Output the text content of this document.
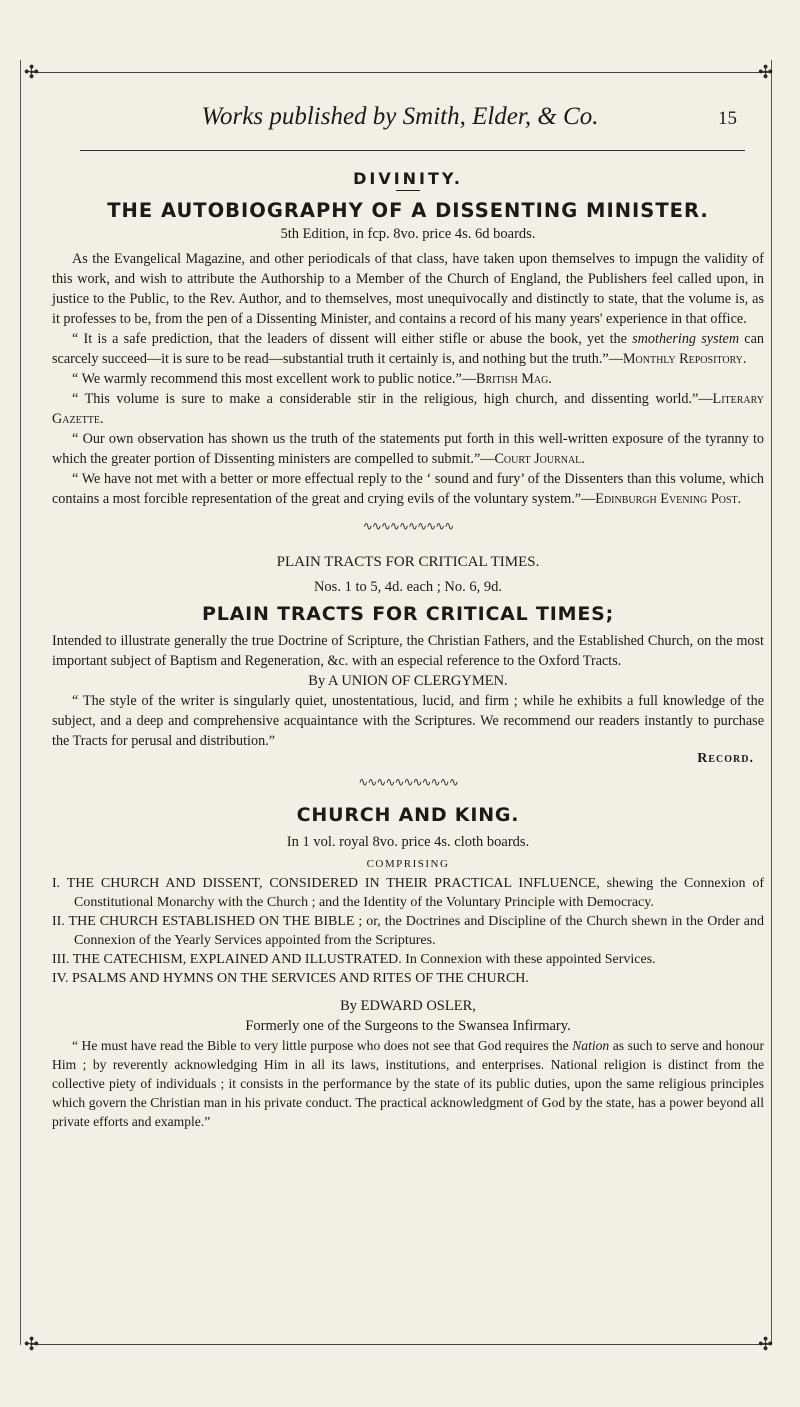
✣	✣
✣	✣
Works published by Smith, Elder, & Co.	15
DIVINITY.
THE AUTOBIOGRAPHY OF A DISSENTING MINISTER.
5th Edition, in fcp. 8vo. price 4s. 6d boards.

As the Evangelical Magazine, and other periodicals of that class, have taken upon themselves to impugn the validity of this work, and wish to attribute the Authorship to a Member of the Church of England, the Publishers feel called upon, in justice to the Public, to the Rev. Author, and to themselves, most unequivocally and distinctly to state, that the volume is, as it professes to be, from the pen of a Dissenting Minister, and contains a record of his many years' experience in that office.

“ It is a safe prediction, that the leaders of dissent will either stifle or abuse the book, yet the smothering system can scarcely succeed—it is sure to be read—substantial truth it certainly is, and nothing but the truth.”—Monthly Repository.

“ We warmly recommend this most excellent work to public notice.”—British Mag.

“ This volume is sure to make a considerable stir in the religious, high church, and dissenting world.”—Literary Gazette.

“ Our own observation has shown us the truth of the statements put forth in this well-written exposure of the tyranny to which the greater portion of Dissenting ministers are compelled to submit.”—Court Journal.

“ We have not met with a better or more effectual reply to the ‘ sound and fury’ of the Dissenters than this volume, which contains a most forcible representation of the great and crying evils of the voluntary system.”—Edinburgh Evening Post.

∿∿∿∿∿∿∿∿∿∿
PLAIN TRACTS FOR CRITICAL TIMES.
Nos. 1 to 5, 4d. each ; No. 6, 9d.
PLAIN TRACTS FOR CRITICAL TIMES;

Intended to illustrate generally the true Doctrine of Scripture, the Christian Fathers, and the Established Church, on the most important subject of Baptism and Regeneration, &c. with an especial reference to the Oxford Tracts.

By A UNION OF CLERGYMEN.

“ The style of the writer is singularly quiet, unostentatious, lucid, and firm ; while he exhibits a full knowledge of the subject, and a deep and comprehensive acquaintance with the Scriptures. We recommend our readers instantly to purchase the Tracts for perusal and distribution.”

Record.
∿∿∿∿∿∿∿∿∿∿∿
CHURCH AND KING.
In 1 vol. royal 8vo. price 4s. cloth boards.
COMPRISING

I. THE CHURCH AND DISSENT, CONSIDERED IN THEIR PRACTICAL INFLUENCE, shewing the Connexion of Constitutional Monarchy with the Church ; and the Identity of the Voluntary Principle with Democracy.

II. THE CHURCH ESTABLISHED ON THE BIBLE ; or, the Doctrines and Discipline of the Church shewn in the Order and Connexion of the Yearly Services appointed from the Scriptures.

III. THE CATECHISM, EXPLAINED AND ILLUSTRATED. In Connexion with these appointed Services.

IV. PSALMS AND HYMNS ON THE SERVICES AND RITES OF THE CHURCH.

By EDWARD OSLER,
Formerly one of the Surgeons to the Swansea Infirmary.

“ He must have read the Bible to very little purpose who does not see that God requires the Nation as such to serve and honour Him ; by reverently acknowledging Him in all its laws, institutions, and enterprises. National religion is distinct from the collective piety of individuals ; it consists in the performance by the state of its public duties, upon the same religious principles which govern the Christian man in his private conduct. The practical acknowledgment of God by the state, has a power beyond all private efforts and example.”
